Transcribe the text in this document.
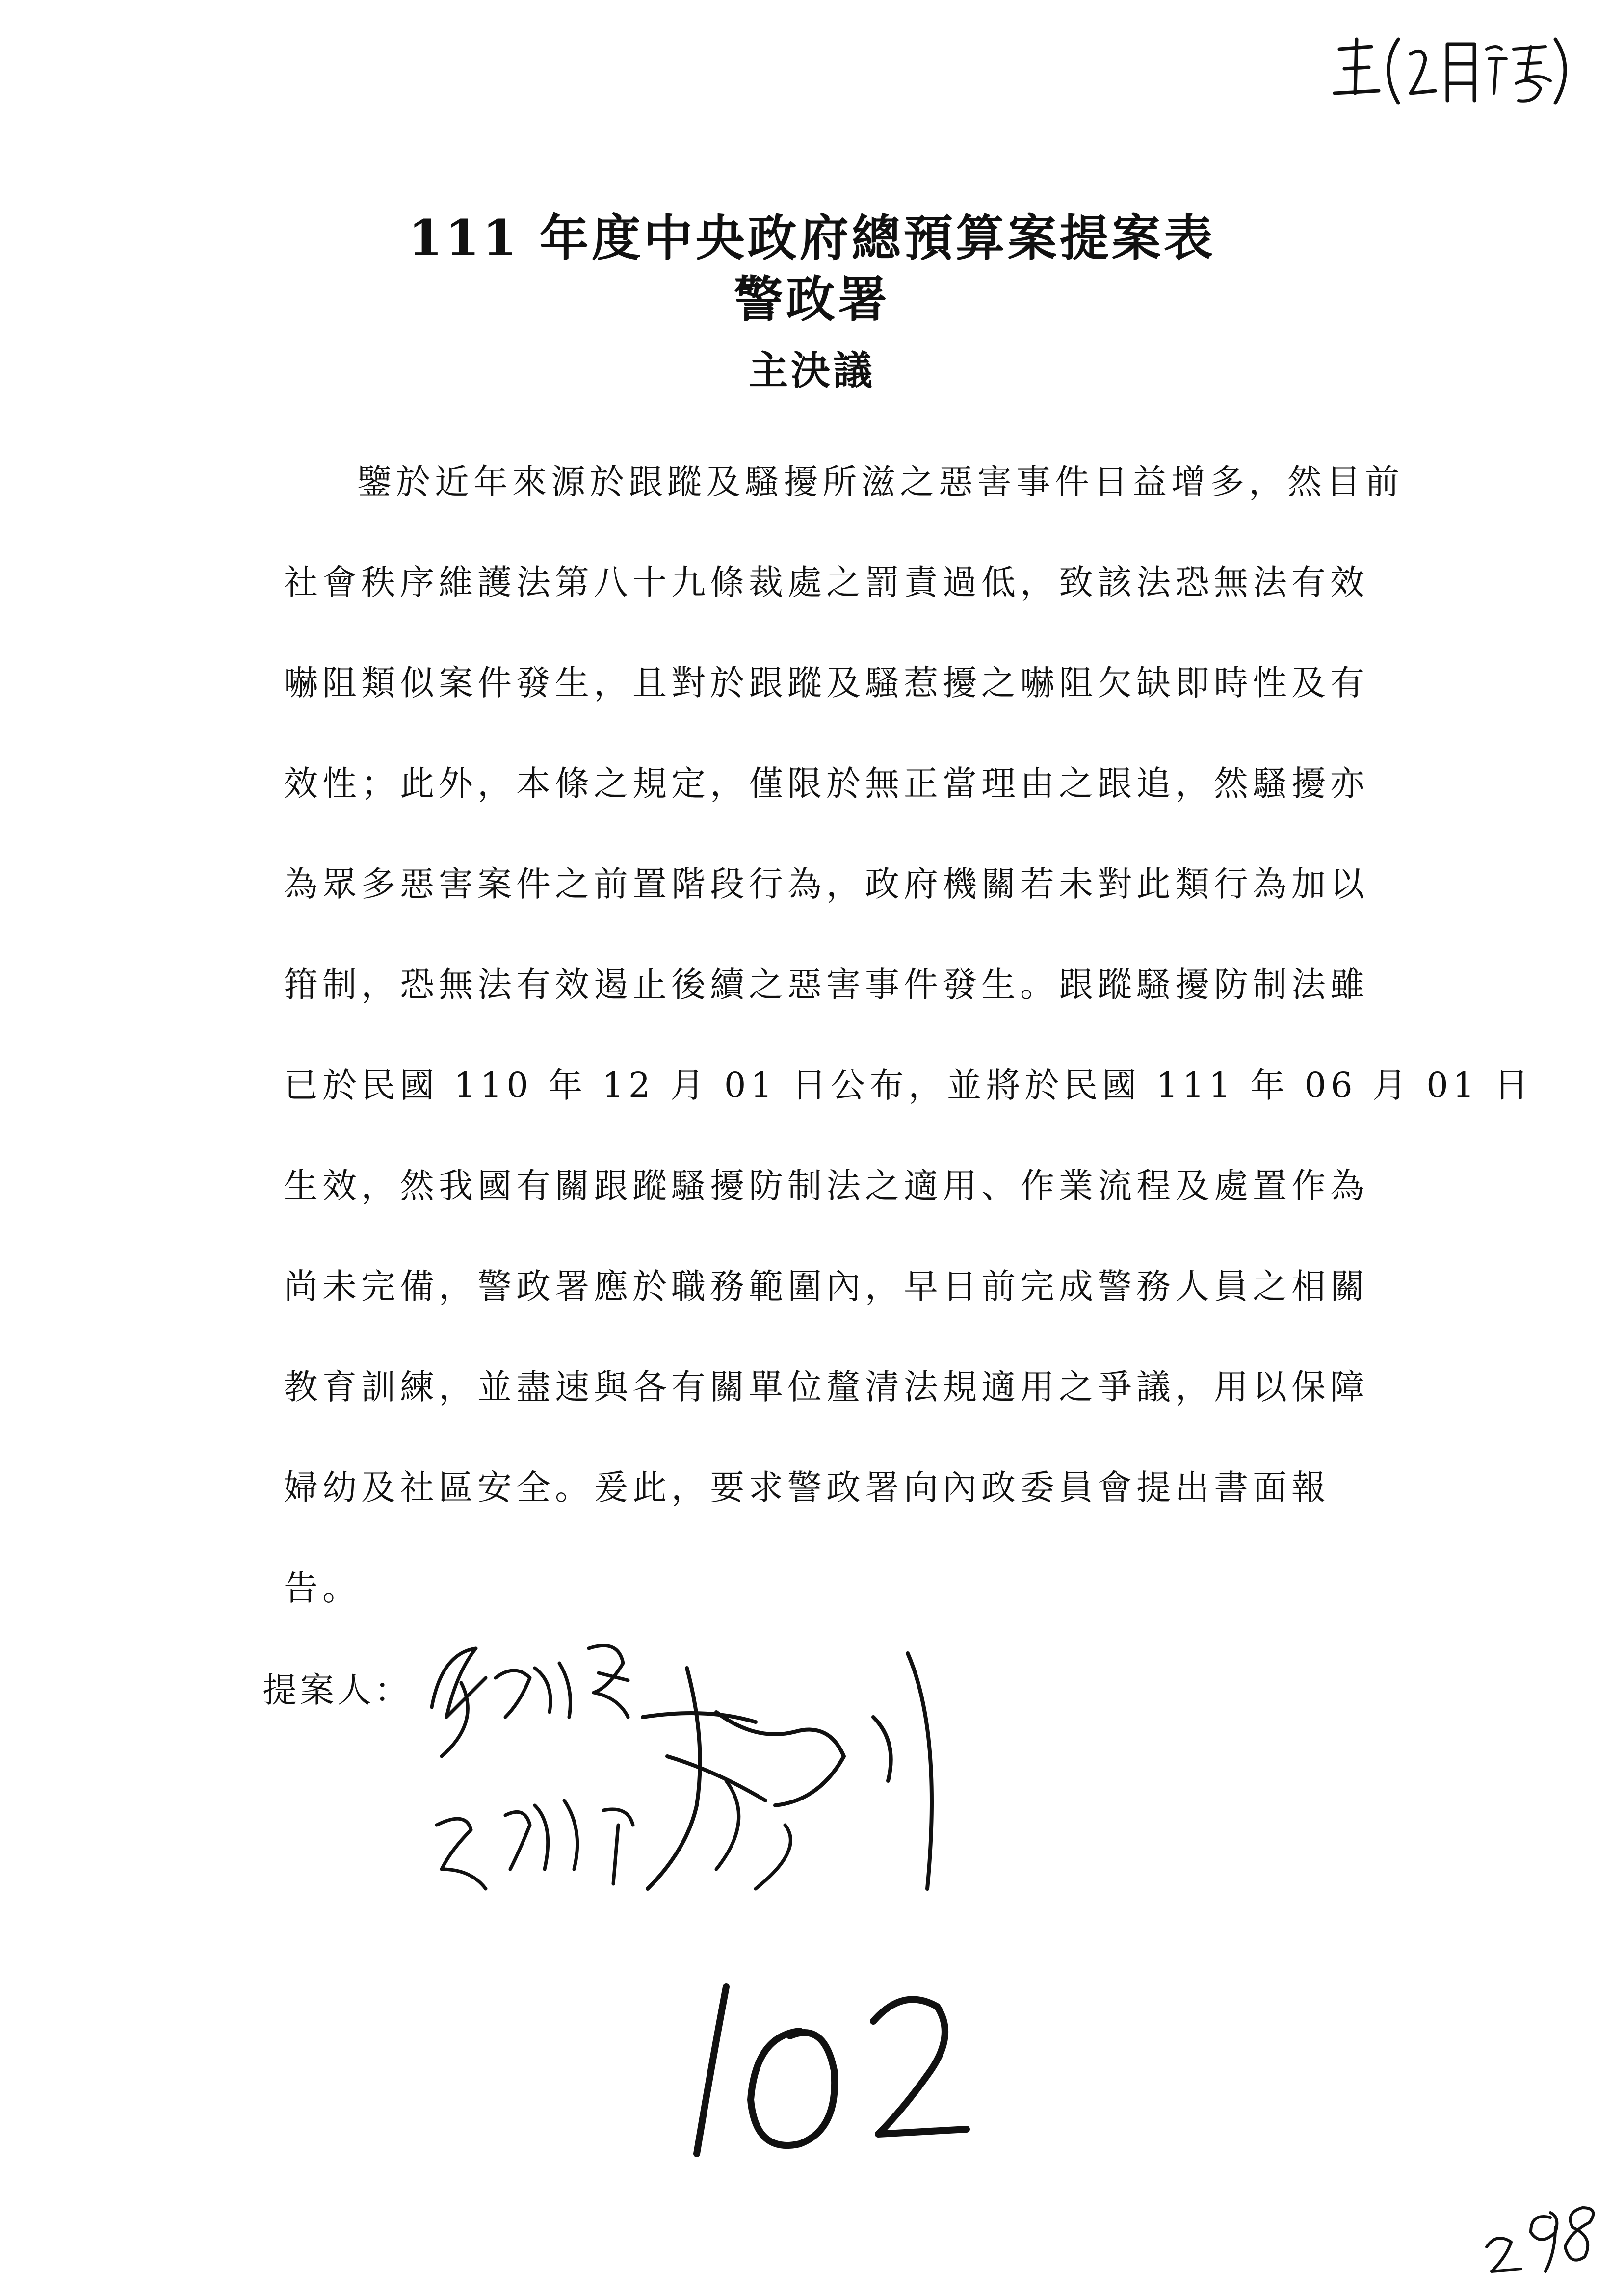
111 年度中央政府總預算案提案表
警政署
主決議
鑒於近年來源於跟蹤及騷擾所滋之惡害事件日益增多，然目前
社會秩序維護法第八十九條裁處之罰責過低，致該法恐無法有效
嚇阻類似案件發生，且對於跟蹤及騷惹擾之嚇阻欠缺即時性及有
效性；此外，本條之規定，僅限於無正當理由之跟追，然騷擾亦
為眾多惡害案件之前置階段行為，政府機關若未對此類行為加以
箝制，恐無法有效遏止後續之惡害事件發生。跟蹤騷擾防制法雖
已於民國 110 年 12 月 01 日公布，並將於民國 111 年 06 月 01 日
生效，然我國有關跟蹤騷擾防制法之適用、作業流程及處置作為
尚未完備，警政署應於職務範圍內，早日前完成警務人員之相關
教育訓練，並盡速與各有關單位釐清法規適用之爭議，用以保障
婦幼及社區安全。爰此，要求警政署向內政委員會提出書面報
告。
提案人：
